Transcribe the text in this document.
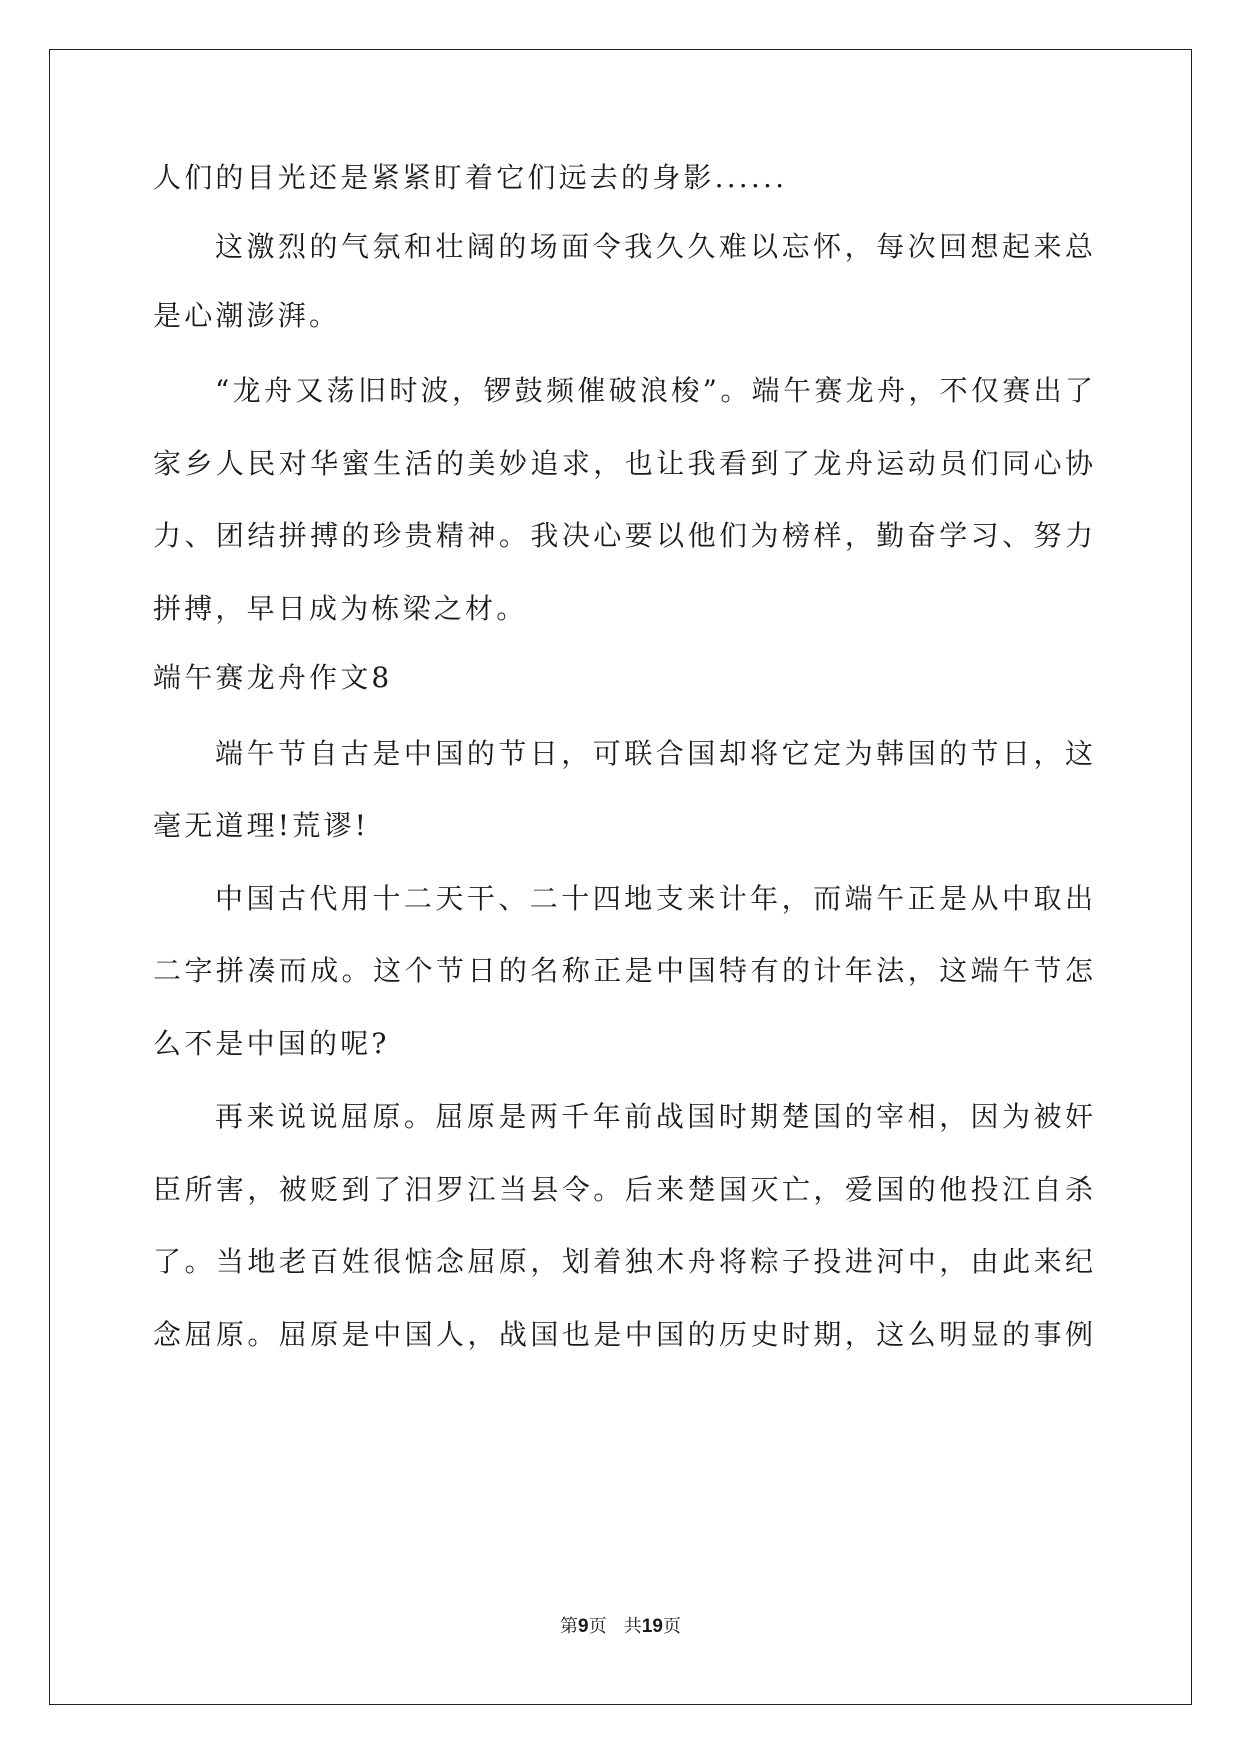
人们的目光还是紧紧盯着它们远去的身影......

这激烈的气氛和壮阔的场面令我久久难以忘怀，每次回想起来总

是心潮澎湃。

“龙舟又荡旧时波，锣鼓频催破浪梭”。端午赛龙舟，不仅赛出了

家乡人民对华蜜生活的美妙追求，也让我看到了龙舟运动员们同心协

力、团结拼搏的珍贵精神。我决心要以他们为榜样，勤奋学习、努力

拼搏，早日成为栋梁之材。

端午赛龙舟作文8

端午节自古是中国的节日，可联合国却将它定为韩国的节日，这

毫无道理!荒谬!

中国古代用十二天干、二十四地支来计年，而端午正是从中取出

二字拼凑而成。这个节日的名称正是中国特有的计年法，这端午节怎

么不是中国的呢?

再来说说屈原。屈原是两千年前战国时期楚国的宰相，因为被奸

臣所害，被贬到了汨罗江当县令。后来楚国灭亡，爱国的他投江自杀

了。当地老百姓很惦念屈原，划着独木舟将粽子投进河中，由此来纪

念屈原。屈原是中国人，战国也是中国的历史时期，这么明显的事例

第9页 共19页
